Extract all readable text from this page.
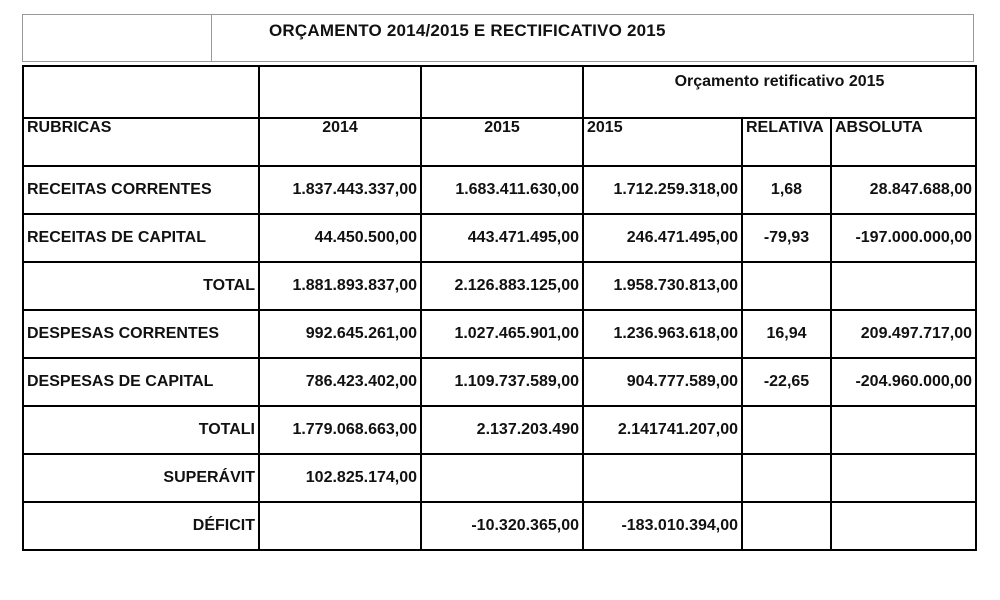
ORÇAMENTO 2014/2015 E RECTIFICATIVO 2015
			Orçamento retificativo 2015		
RUBRICAS	2014	2015	2015	RELATIVA	ABSOLUTA
RECEITAS CORRENTES	1.837.443.337,00	1.683.411.630,00	1.712.259.318,00	1,68	28.847.688,00
RECEITAS DE CAPITAL	44.450.500,00	443.471.495,00	246.471.495,00	-79,93	-197.000.000,00
TOTAL	1.881.893.837,00	2.126.883.125,00	1.958.730.813,00		
DESPESAS CORRENTES	992.645.261,00	1.027.465.901,00	1.236.963.618,00	16,94	209.497.717,00
DESPESAS DE CAPITAL	786.423.402,00	1.109.737.589,00	904.777.589,00	-22,65	-204.960.000,00
TOTALI	1.779.068.663,00	2.137.203.490	2.141741.207,00		
SUPERÁVIT	102.825.174,00				
DÉFICIT		-10.320.365,00	-183.010.394,00		
